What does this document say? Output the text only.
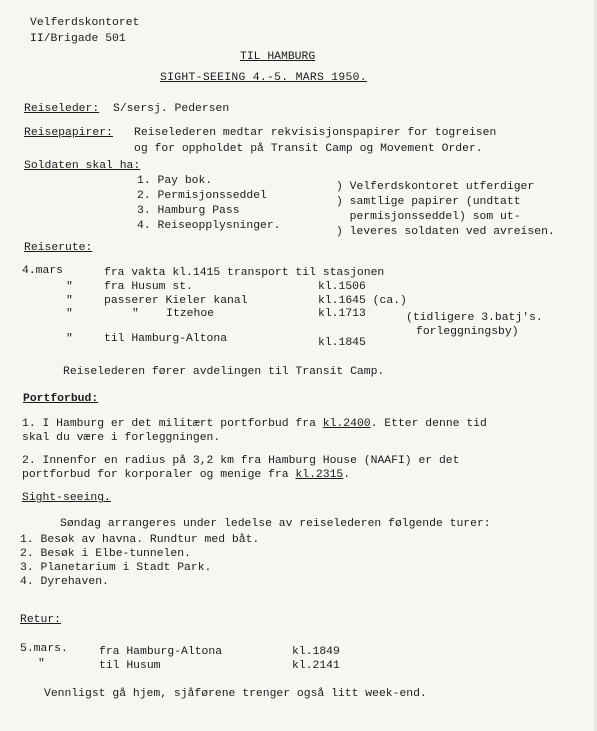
Velferdskontoret
II/Brigade 501
TIL HAMBURG
SIGHT-SEEING 4.-5. MARS 1950.
Reiseleder: S/sersj. Pedersen
Reisepapirer: Reiselederen medtar rekvisisjonspapirer for togreisen
og for oppholdet på Transit Camp og Movement Order.
Soldaten skal ha:
1. Pay bok.
2. Permisjonsseddel
3. Hamburg Pass
4. Reiseopplysninger.
) Velferdskontoret utferdiger
) samtlige papirer (undtatt
permisjonsseddel) som ut-
) leveres soldaten ved avreisen.
Reiserute:
4.mars	fra vakta kl.1415 transport til stasjonen
"	fra Husum st.	kl.1506
"	passerer Kieler kanal	kl.1645 (ca.)
"	"    Itzehoe	kl.1713	(tidligere 3.batj's.
forleggningsby)
"	til Hamburg-Altona	kl.1845
Reiselederen fører avdelingen til Transit Camp.
Portforbud:
1. I Hamburg er det militært portforbud fra kl.2400. Etter denne tid
skal du være i forleggningen.
2. Innenfor en radius på 3,2 km fra Hamburg House (NAAFI) er det
portforbud for korporaler og menige fra kl.2315.
Sight-seeing.
Søndag arrangeres under ledelse av reiselederen følgende turer:
1. Besøk av havna. Rundtur med båt.
2. Besøk i Elbe-tunnelen.
3. Planetarium i Stadt Park.
4. Dyrehaven.
Retur:
5.mars.	fra Hamburg-Altona	kl.1849
"	til Husum	kl.2141
Vennligst gå hjem, sjåførene trenger også litt week-end.
